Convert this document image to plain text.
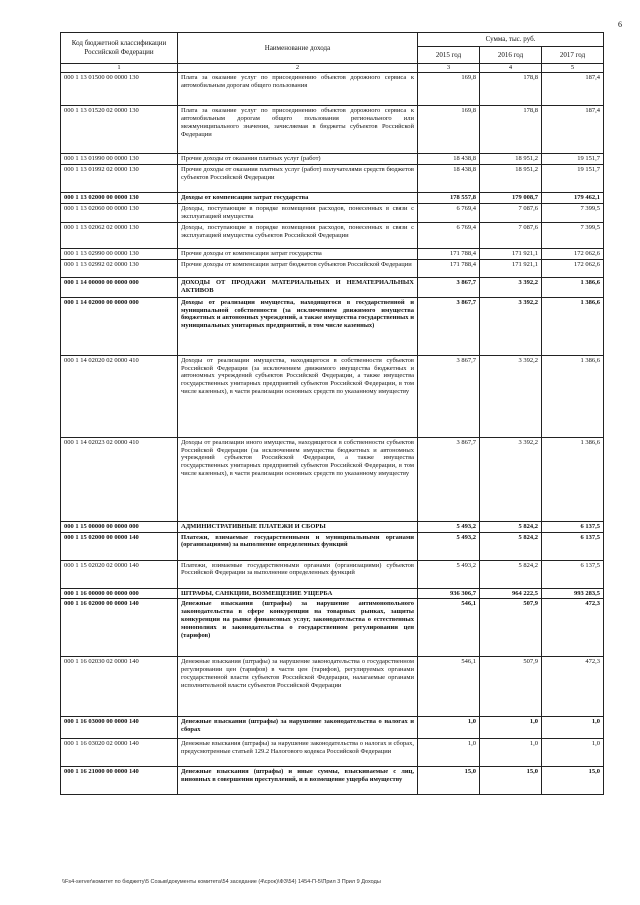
6
Код бюджетной классификации Российской Федерации	Наименование дохода	Сумма, тыс. руб.		
		2015 год	2016 год	2017 год
1	2	3	4	5
000 1 13 01500 00 0000 130	Плата за оказание услуг по присоединению объектов дорожного сервиса к автомобильным дорогам общего пользования	169,8	178,8	187,4
000 1 13 01520 02 0000 130	Плата за оказание услуг по присоединению объектов дорожного сервиса к автомобильным дорогам общего пользования регионального или межмуниципального значения, зачисляемая в бюджеты субъектов Российской Федерации	169,8	178,8	187,4
000 1 13 01990 00 0000 130	Прочие доходы от оказания платных услуг (работ)	18 438,8	18 951,2	19 151,7
000 1 13 01992 02 0000 130	Прочие доходы от оказания платных услуг (работ) получателями средств бюджетов субъектов Российской Федерации	18 438,8	18 951,2	19 151,7
000 1 13 02000 00 0000 130	Доходы от компенсации затрат государства	178 557,8	179 008,7	179 462,1
000 1 13 02060 00 0000 130	Доходы, поступающие в порядке возмещения расходов, понесенных в связи с эксплуатацией имущества	6 769,4	7 087,6	7 399,5
000 1 13 02062 02 0000 130	Доходы, поступающие в порядке возмещения расходов, понесенных в связи с эксплуатацией имущества субъектов Российской Федерации	6 769,4	7 087,6	7 399,5
000 1 13 02990 00 0000 130	Прочие доходы от компенсации затрат государства	171 788,4	171 921,1	172 062,6
000 1 13 02992 02 0000 130	Прочие доходы от компенсации затрат бюджетов субъектов Российской Федерации	171 788,4	171 921,1	172 062,6
000 1 14 00000 00 0000 000	ДОХОДЫ ОТ ПРОДАЖИ МАТЕРИАЛЬНЫХ И НЕМАТЕРИАЛЬНЫХ АКТИВОВ	3 867,7	3 392,2	1 386,6
000 1 14 02000 00 0000 000	Доходы от реализации имущества, находящегося в государственной и муниципальной собственности (за исключением движимого имущества бюджетных и автономных учреждений, а также имущества государственных и муниципальных унитарных предприятий, в том числе казенных)	3 867,7	3 392,2	1 386,6
000 1 14 02020 02 0000 410	Доходы от реализации имущества, находящегося в собственности субъектов Российской Федерации (за исключением движимого имущества бюджетных и автономных учреждений субъектов Российской Федерации, а также имущества государственных унитарных предприятий субъектов Российской Федерации, в том числе казенных), в части реализации основных средств по указанному имуществу	3 867,7	3 392,2	1 386,6
000 1 14 02023 02 0000 410	Доходы от реализации иного имущества, находящегося в собственности субъектов Российской Федерации (за исключением имущества бюджетных и автономных учреждений субъектов Российской Федерации, а также имущества государственных унитарных предприятий субъектов Российской Федерации, в том числе казенных), в части реализации основных средств по указанному имуществу	3 867,7	3 392,2	1 386,6
000 1 15 00000 00 0000 000	АДМИНИСТРАТИВНЫЕ ПЛАТЕЖИ И СБОРЫ	5 493,2	5 824,2	6 137,5
000 1 15 02000 00 0000 140	Платежи, взимаемые государственными и муниципальными органами (организациями) за выполнение определенных функций	5 493,2	5 824,2	6 137,5
000 1 15 02020 02 0000 140	Платежи, взимаемые государственными органами (организациями) субъектов Российской Федерации за выполнение определенных функций	5 493,2	5 824,2	6 137,5
000 1 16 00000 00 0000 000	ШТРАФЫ, САНКЦИИ, ВОЗМЕЩЕНИЕ УЩЕРБА	936 306,7	964 222,5	993 283,5
000 1 16 02000 00 0000 140	Денежные взыскания (штрафы) за нарушение антимонопольного законодательства в сфере конкуренции на товарных рынках, защиты конкуренции на рынке финансовых услуг, законодательства о естественных монополиях и законодательства о государственном регулировании цен (тарифов)	546,1	507,9	472,3
000 1 16 02030 02 0000 140	Денежные взыскания (штрафы) за нарушение законодательства о государственном регулировании цен (тарифов) в части цен (тарифов), регулируемых органами государственной власти субъектов Российской Федерации, налагаемые органами исполнительной власти субъектов Российской Федерации	546,1	507,9	472,3
000 1 16 03000 00 0000 140	Денежные взыскания (штрафы) за нарушение законодательства о налогах и сборах	1,0	1,0	1,0
000 1 16 03020 02 0000 140	Денежные взыскания (штрафы) за нарушение законодательства о налогах и сборах, предусмотренные статьей 129.2 Налогового кодекса Российской Федерации	1,0	1,0	1,0
000 1 16 21000 00 0000 140	Денежные взыскания (штрафы) и иные суммы, взыскиваемые с лиц, виновных в совершении преступлений, и в возмещение ущерба имуществу	15,0	15,0	15,0
\\Fs4-server\комитет по бюджету\5 Созыв\документы комитета\54 заседание (4\cрок)\ФЗ\54) 1454-П-5\Прил 3 Прил 9 Доходы
